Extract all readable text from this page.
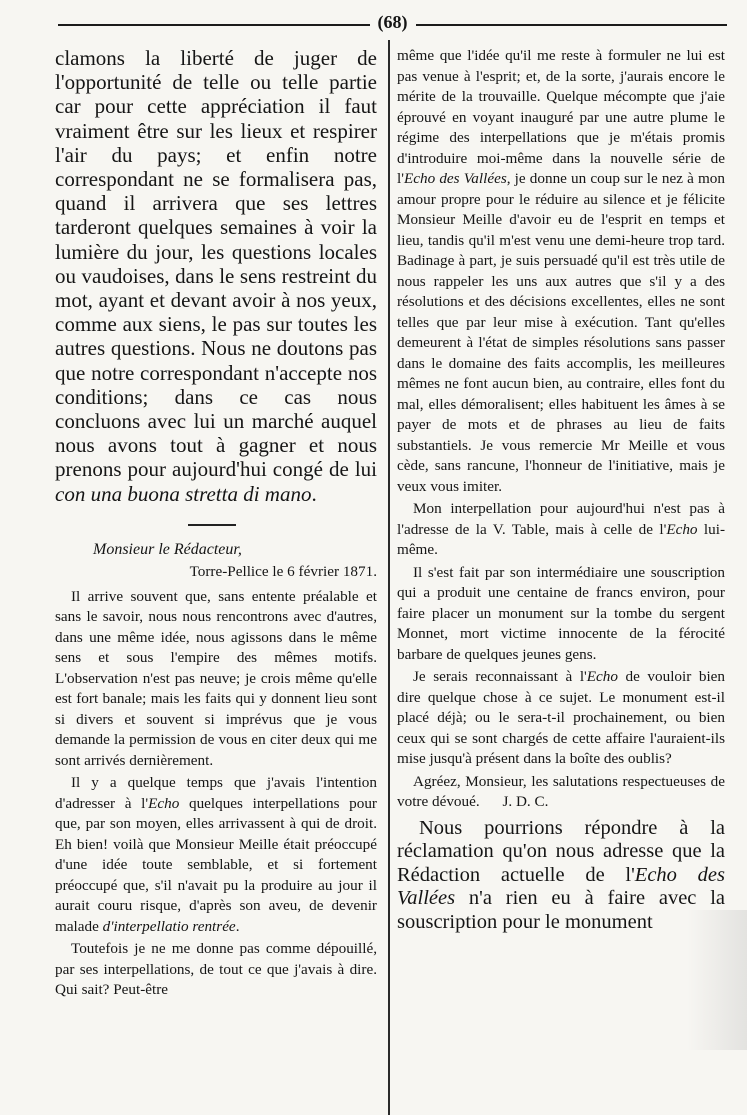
(68)

clamons la liberté de juger de l'opportunité de telle ou telle partie car pour cette appréciation il faut vraiment être sur les lieux et respirer l'air du pays; et enfin notre correspondant ne se formalisera pas, quand il arrivera que ses lettres tarderont quelques semaines à voir la lumière du jour, les questions locales ou vaudoises, dans le sens restreint du mot, ayant et devant avoir à nos yeux, comme aux siens, le pas sur toutes les autres questions. Nous ne doutons pas que notre correspondant n'accepte nos conditions; dans ce cas nous concluons avec lui un marché auquel nous avons tout à gagner et nous prenons pour aujourd'hui congé de lui con una buona stretta di mano.

Monsieur le Rédacteur,

Torre-Pellice le 6 février 1871.

Il arrive souvent que, sans entente préalable et sans le savoir, nous nous rencontrons avec d'autres, dans une même idée, nous agissons dans le même sens et sous l'empire des mêmes motifs. L'observation n'est pas neuve; je crois même qu'elle est fort banale; mais les faits qui y donnent lieu sont si divers et souvent si imprévus que je vous demande la permission de vous en citer deux qui me sont arrivés dernièrement.

Il y a quelque temps que j'avais l'intention d'adresser à l'Echo quelques interpellations pour que, par son moyen, elles arrivassent à qui de droit. Eh bien! voilà que Monsieur Meille était préoccupé d'une idée toute semblable, et si fortement préoccupé que, s'il n'avait pu la produire au jour il aurait couru risque, d'après son aveu, de devenir malade d'interpellatio rentrée.

Toutefois je ne me donne pas comme dépouillé, par ses interpellations, de tout ce que j'avais à dire. Qui sait? Peut-être

même que l'idée qu'il me reste à formuler ne lui est pas venue à l'esprit; et, de la sorte, j'aurais encore le mérite de la trouvaille. Quelque mécompte que j'aie éprouvé en voyant inauguré par une autre plume le régime des interpellations que je m'étais promis d'introduire moi-même dans la nouvelle série de l'Echo des Vallées, je donne un coup sur le nez à mon amour propre pour le réduire au silence et je félicite Monsieur Meille d'avoir eu de l'esprit en temps et lieu, tandis qu'il m'est venu une demi-heure trop tard. Badinage à part, je suis persuadé qu'il est très utile de nous rappeler les uns aux autres que s'il y a des résolutions et des décisions excellentes, elles ne sont telles que par leur mise à exécution. Tant qu'elles demeurent à l'état de simples résolutions sans passer dans le domaine des faits accomplis, les meilleures mêmes ne font aucun bien, au contraire, elles font du mal, elles démoralisent; elles habituent les âmes à se payer de mots et de phrases au lieu de faits substantiels. Je vous remercie Mr Meille et vous cède, sans rancune, l'honneur de l'initiative, mais je veux vous imiter.

Mon interpellation pour aujourd'hui n'est pas à l'adresse de la V. Table, mais à celle de l'Echo lui-même.

Il s'est fait par son intermédiaire une souscription qui a produit une centaine de francs environ, pour faire placer un monument sur la tombe du sergent Monnet, mort victime innocente de la férocité barbare de quelques jeunes gens.

Je serais reconnaissant à l'Echo de vouloir bien dire quelque chose à ce sujet. Le monument est-il placé déjà; ou le sera-t-il prochainement, ou bien ceux qui se sont chargés de cette affaire l'auraient-ils mise jusqu'à présent dans la boîte des oublis?

Agréez, Monsieur, les salutations respectueuses de votre dévoué. J. D. C.

Nous pourrions répondre à la réclamation qu'on nous adresse que la Rédaction actuelle de l'Echo des Vallées n'a rien eu à faire avec la souscription pour le monument
